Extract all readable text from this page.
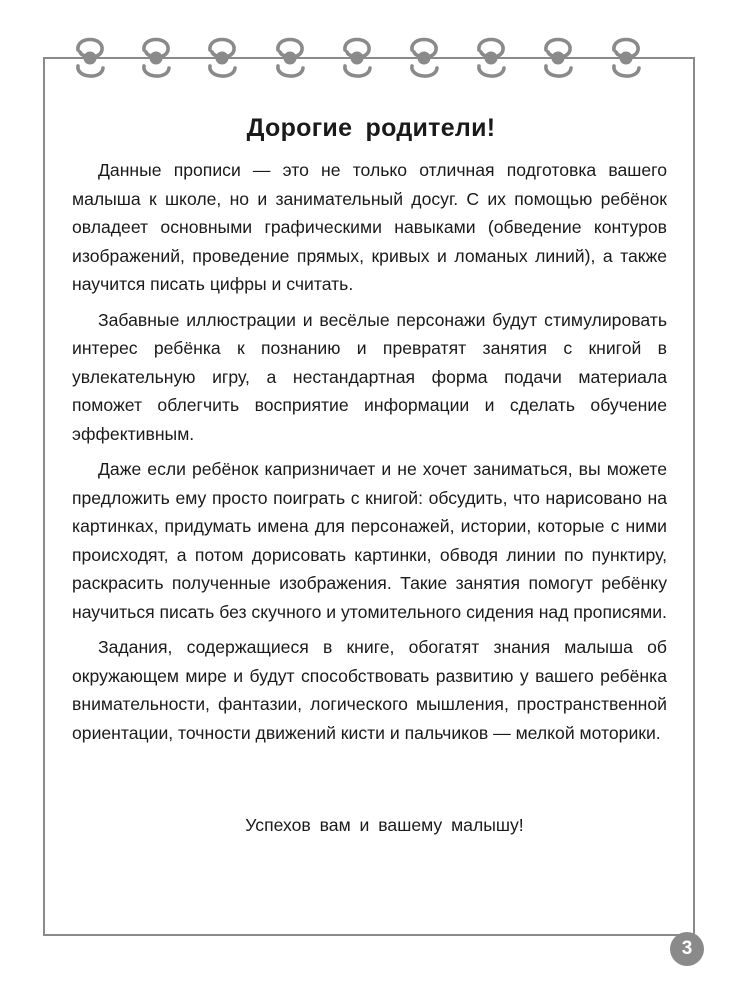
Дорогие родители!

Данные прописи — это не только отличная подготовка вашего малыша к школе, но и занимательный досуг. С их помощью ребёнок овладеет основными графическими навыками (обведение контуров изображений, проведение прямых, кривых и ломаных линий), а также научится писать цифры и считать.

Забавные иллюстрации и весёлые персонажи будут стимулировать интерес ребёнка к познанию и превратят занятия с книгой в увлекательную игру, а нестандартная форма подачи материала поможет облегчить восприятие информации и сделать обучение эффективным.

Даже если ребёнок капризничает и не хочет заниматься, вы можете предложить ему просто поиграть с книгой: обсудить, что нарисовано на картинках, придумать имена для персонажей, истории, которые с ними происходят, а потом дорисовать картинки, обводя линии по пунктиру, раскрасить полученные изображения. Такие занятия помогут ребёнку научиться писать без скучного и утомительного сидения над прописями.

Задания, содержащиеся в книге, обогатят знания малыша об окружающем мире и будут способствовать развитию у вашего ребёнка внимательности, фантазии, логического мышления, пространственной ориентации, точности движений кисти и пальчиков — мелкой моторики.

Успехов вам и вашему малышу!
3
